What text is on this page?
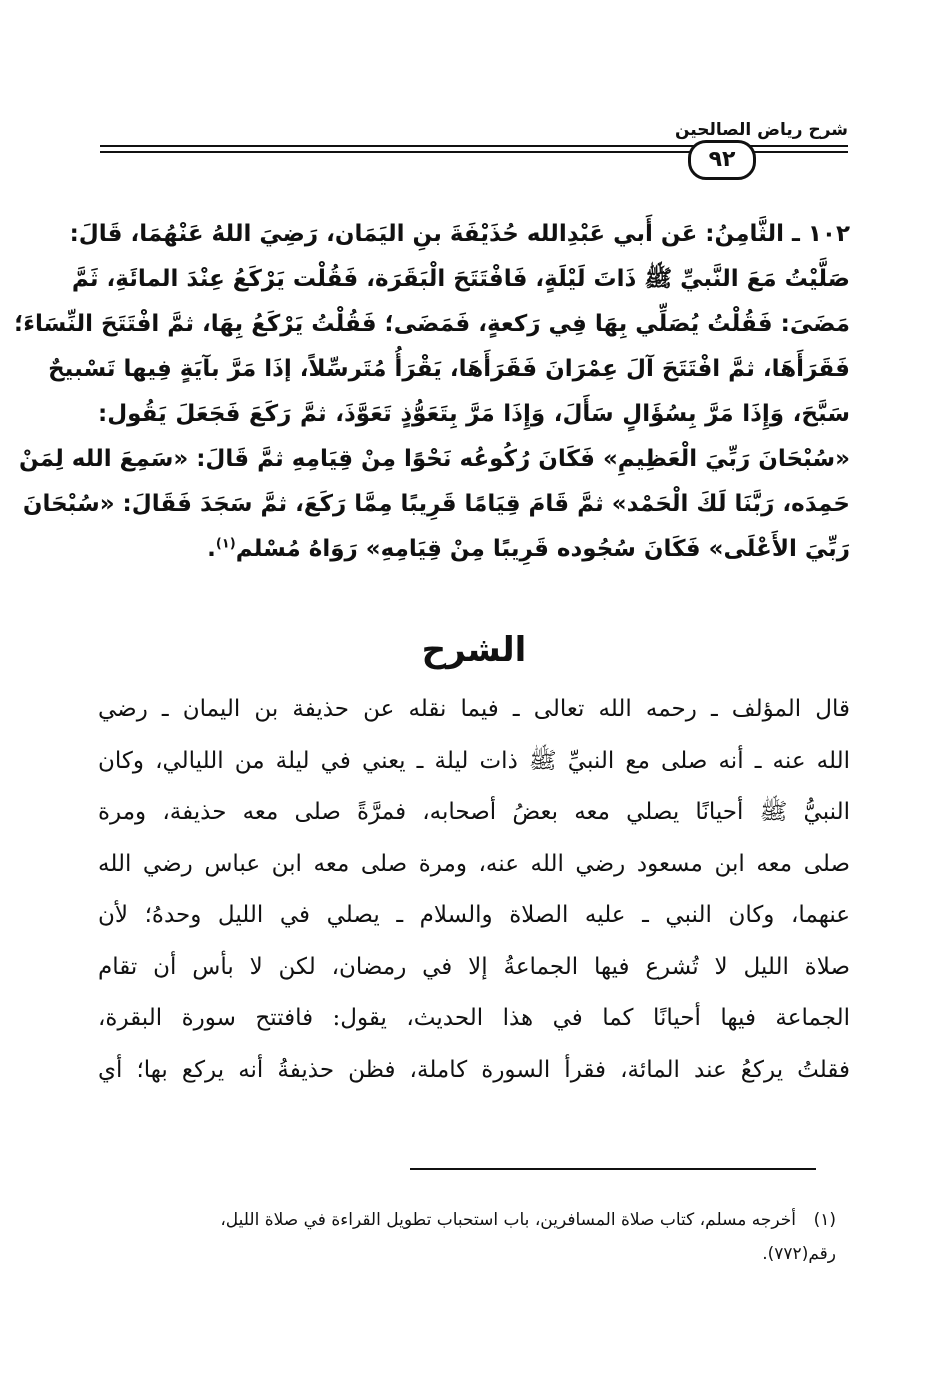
شرح رياض الصالحين
٩٢
١٠٢ ـ الثَّامِنُ: عَن أَبي عَبْدِالله حُذَيْفَةَ بنِ اليَمَان، رَضِيَ اللهُ عَنْهُمَا، قَالَ:
صَلَّيْتُ مَعَ النَّبيِّ ﷺ ذَاتَ لَيْلَةٍ، فَافْتَتَحَ الْبَقَرَة، فَقُلْت يَرْكَعُ عِنْدَ المائَةِ، ثَمَّ
مَضَىَ: فَقُلْتُ يُصَلِّي بِهَا فِي رَكعةٍ، فَمَضَى؛ فَقُلْتُ يَرْكَعُ بِهَا، ثمَّ افْتَتَحَ النِّسَاءَ؛
فَقَرَأَهَا، ثمَّ افْتَتَحَ آلَ عِمْرَانَ فَقَرَأَهَا، يَقْرَأُ مُتَرسِّلاً، إذَا مَرَّ بآيَةٍ فِيها تَسْبيحٌ
سَبَّحَ، وَإِذَا مَرَّ بِسُؤَالٍ سَأَلَ، وَإِذَا مَرَّ بِتَعَوُّذٍ تَعَوَّذَ، ثمَّ رَكَعَ فَجَعَلَ يَقُول:
«سُبْحَانَ رَبِّيَ الْعَظِيمِ» فَكَانَ رُكُوعُه نَحْوًا مِنْ قِيَامِهِ ثمَّ قَالَ: «سَمِعَ الله لِمَنْ
حَمِدَه، رَبَّنَا لَكَ الْحَمْد» ثمَّ قَامَ قِيَامًا قَرِيبًا مِمَّا رَكَعَ، ثمَّ سَجَدَ فَقَالَ: «سُبْحَانَ
رَبِّيَ الأَعْلَى» فَكَانَ سُجُوده قَرِيبًا مِنْ قِيَامِهِ» رَوَاهُ مُسْلم$^{(١)}$.
الشرح
قال المؤلف ـ رحمه الله تعالى ـ فيما نقله عن حذيفة بن اليمان ـ رضي
الله عنه ـ أنه صلى مع النبيِّ ﷺ ذات ليلة ـ يعني في ليلة من الليالي، وكان
النبيُّ ﷺ أحيانًا يصلي معه بعضُ أصحابه، فمرَّةً صلى معه حذيفة، ومرة
صلى معه ابن مسعود رضي الله عنه، ومرة صلى معه ابن عباس رضي الله
عنهما، وكان النبي ـ عليه الصلاة والسلام ـ يصلي في الليل وحدهُ؛ لأن
صلاة الليل لا تُشرع فيها الجماعةُ إلا في رمضان، لكن لا بأس أن تقام
الجماعة فيها أحيانًا كما في هذا الحديث، يقول: فافتتح سورة البقرة،
فقلتُ يركعُ عند المائة، فقرأ السورة كاملة، فظن حذيفةُ أنه يركع بها؛ أي
(١)أخرجه مسلم، كتاب صلاة المسافرين، باب استحباب تطويل القراءة في صلاة الليل،
رقم(٧٧٢).
